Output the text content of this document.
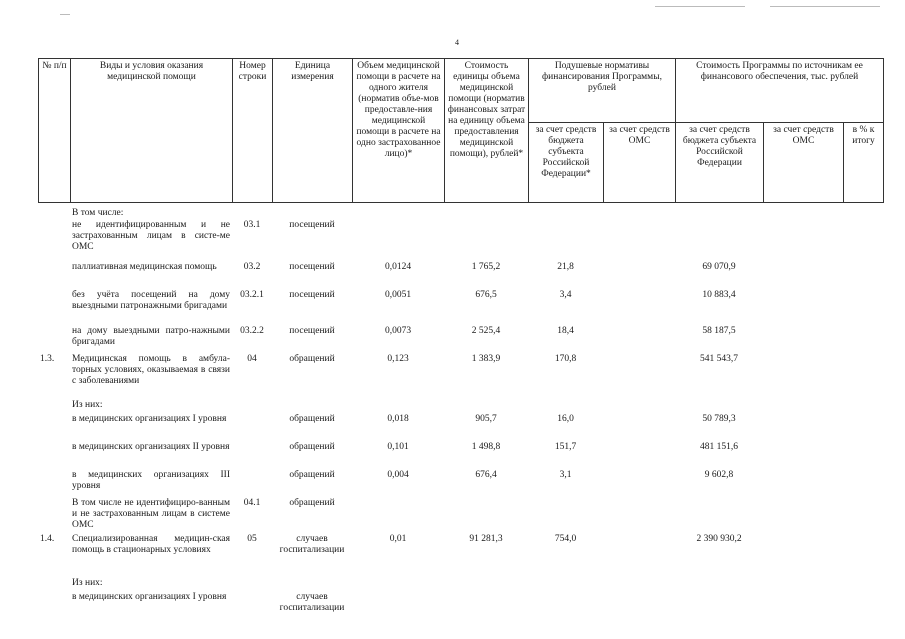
4
№ п/п	Виды и условия оказания медицинской помощи	Номер строки	Единица измерения	Объем медицинской помощи в расчете на одного жителя (норматив объе-мов предоставле-ния медицинской помощи в расчете на одно застрахованное лицо)*	Стоимость единицы объема медицинской помощи (норматив финансовых затрат на единицу объема предоставления медицинской помощи), рублей*	Подушевые нормативы финансирования Программы, рублей		Стоимость Программы по источникам ее финансового обеспечения, тыс. рублей		
						за счет средств бюджета субъекта Российской Федерации*	за счет средств ОМС	за счет средств бюджета субъекта Российской Федерации	за счет средств ОМС	в % к итогу
	В том числе:									
	не идентифицированным и не застрахованным лицам в систе-ме ОМС	03.1	посещений							
	паллиативная медицинская помощь	03.2	посещений	0,0124	1 765,2	21,8		69 070,9		
	без учёта посещений на дому выездными патронажными бригадами	03.2.1	посещений	0,0051	676,5	3,4		10 883,4		
	на дому выездными патро-нажными бригадами	03.2.2	посещений	0,0073	2 525,4	18,4		58 187,5		
1.3.	Медицинская помощь в амбула-торных условиях, оказываемая в связи с заболеваниями	04	обращений	0,123	1 383,9	170,8		541 543,7		
	Из них:									
	в медицинских организациях I уровня		обращений	0,018	905,7	16,0		50 789,3		
	в медицинских организациях II уровня		обращений	0,101	1 498,8	151,7		481 151,6		
	в медицинских организациях III уровня		обращений	0,004	676,4	3,1		9 602,8		
	В том числе не идентифициро-ванным и не застрахованным лицам в системе ОМС	04.1	обращений							
1.4.	Специализированная медицин-ская помощь в стационарных условиях	05	случаев госпитализации	0,01	91 281,3	754,0		2 390 930,2		
	Из них:									
	в медицинских организациях I уровня		случаев госпитализации							
